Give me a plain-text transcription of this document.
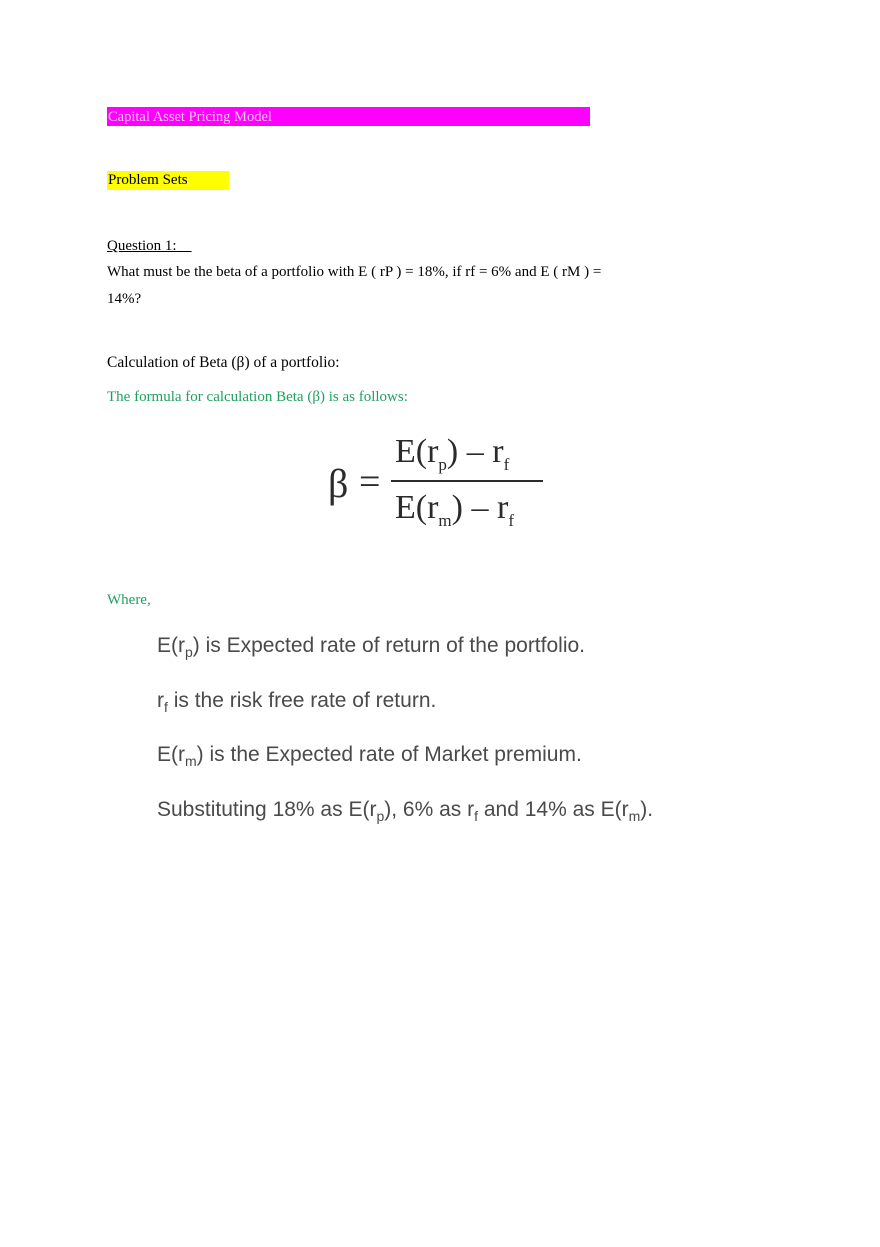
Capital Asset Pricing Model
Problem Sets
Question 1:
What must be the beta of a portfolio with E ( rP ) = 18%, if rf = 6% and E ( rM ) =
14%?
Calculation of Beta (β) of a portfolio:
The formula for calculation Beta (β) is as follows:
β =
$E(r_p) - r_f$
$E(r_m) - r_f$
Where,
$E(r_p)$ is Expected rate of return of the portfolio.
$r_f$ is the risk free rate of return.
$E(r_m)$ is the Expected rate of Market premium.
Substituting 18% as $E(r_p)$, 6% as $r_f$ and 14% as $E(r_m)$.
